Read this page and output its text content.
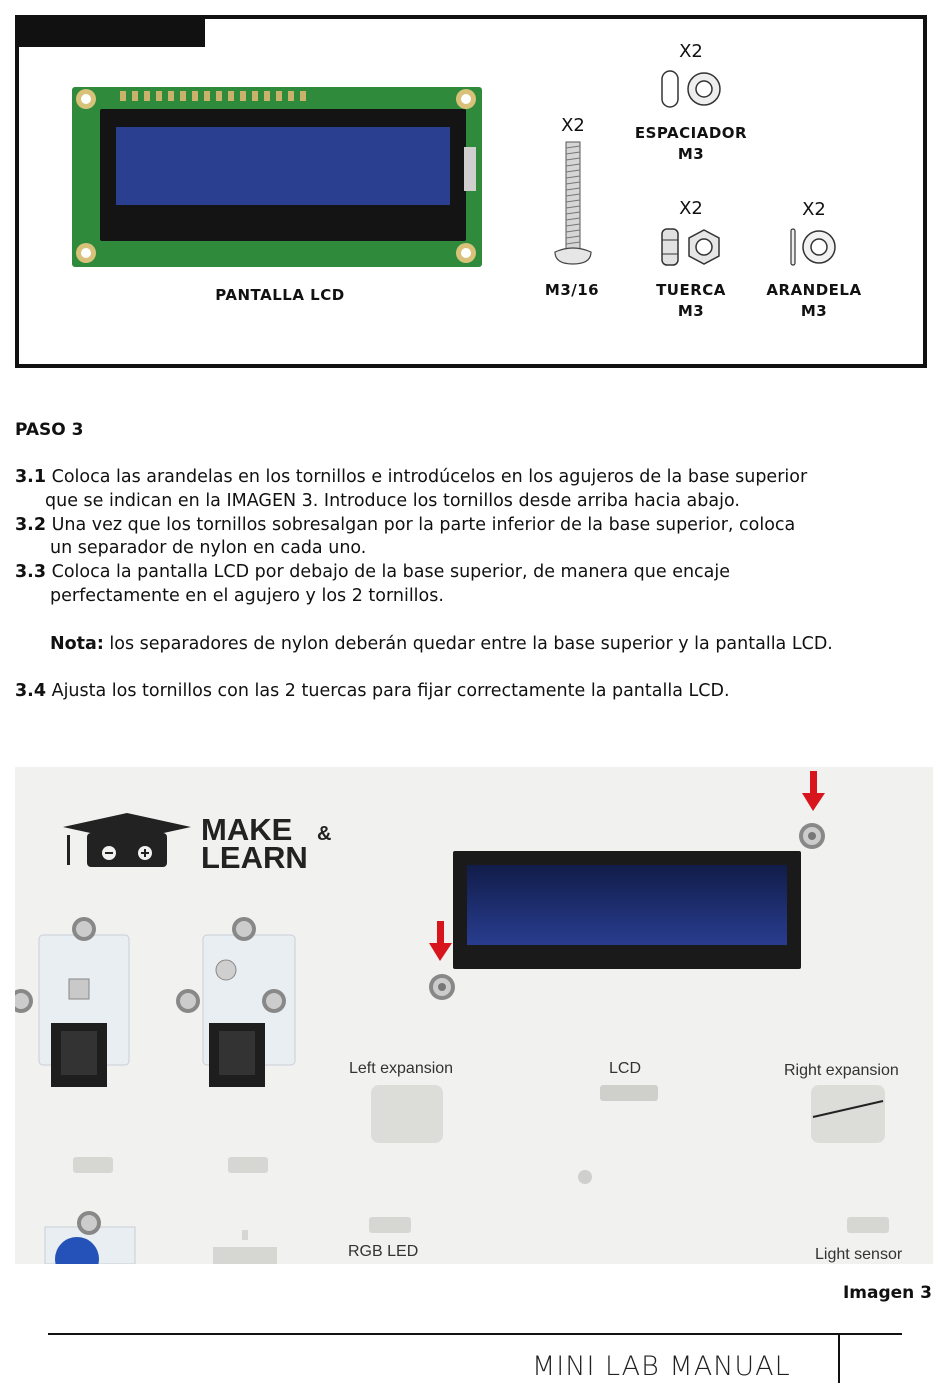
PANTALLA LCD
X2
M3/16
X2
ESPACIADOR
M3
X2
TUERCA
M3
X2
ARANDELA
M3
PASO 3

3.1 Coloca las arandelas en los tornillos e introdúcelos en los agujeros de la base superior

que se indican en la IMAGEN 3. Introduce los tornillos desde arriba hacia abajo.

3.2 Una vez que los tornillos sobresalgan por la parte inferior de la base superior, coloca

un separador de nylon en cada uno.

3.3 Coloca la pantalla LCD por debajo de la base superior, de manera que encaje

perfectamente en el agujero y los 2 tornillos.

Nota: los separadores de nylon deberán quedar entre la base superior y la pantalla LCD.

3.4 Ajusta los tornillos con las 2 tuercas para fijar correctamente la pantalla LCD.

MAKE &
LEARN
Left expansion	LCD	Right expansion
RGB LED	Light sensor
Imagen 3
MINI LAB MANUAL
